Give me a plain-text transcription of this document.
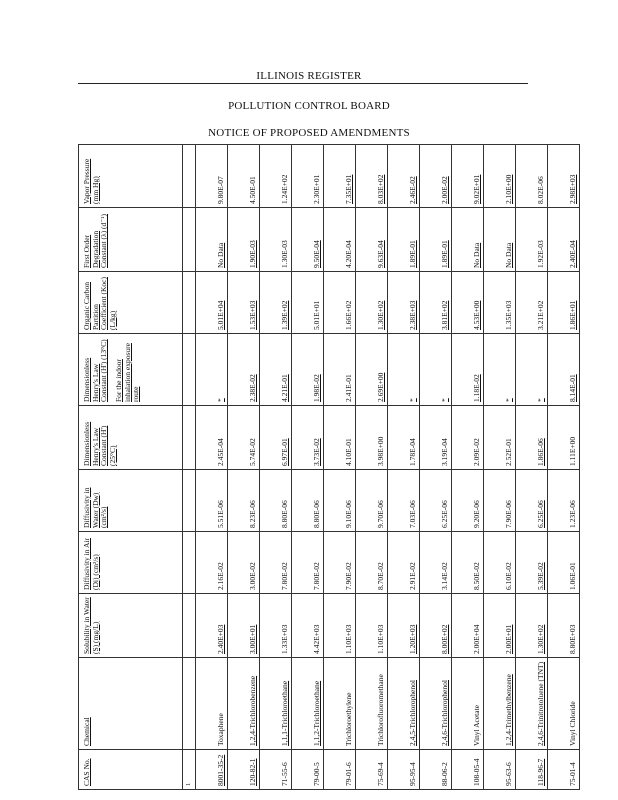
ILLINOIS REGISTER
POLLUTION CONTROL BOARD
NOTICE OF PROPOSED AMENDMENTS
CAS No.	Chemical	Solubility in Water (S) (mg/L)	Diffusivity in Air (Di) (cm²/s)	Diffusivity in Water (Dw) (cm²/s)	Dimensionless Henry's Law Constant (H') (25°C)	Dimensionless Henry's Law Constant (H') (13°C) For the indoor inhalation exposure route	Organic Carbon Partition Coefficient (Koc) (L/kg)	First Order Degradation Constant (λ) (d⁻¹)	Vapor Pressure (mm Hg)
1									
8001-35-2	Toxaphene	2.40E+03	2.16E-02	5.51E-06	2.45E-04	*	5.01E+04	No Data	9.80E-07
120-82-1	1,2,4-Trichlorobenzene	3.00E+01	3.00E-02	8.23E-06	5.74E-02	2.38E-02	1.53E+03	1.90E-03	4.50E-01
71-55-6	1,1,1-Trichloroethane	1.33E+03	7.80E-02	8.80E-06	6.97E-01	4.21E-01	1.39E+02	1.30E-03	1.24E+02
79-00-5	1,1,2-Trichloroethane	4.42E+03	7.80E-02	8.80E-06	3.73E-02	1.98E-02	5.01E+01	9.50E-04	2.30E+01
79-01-6	Trichloroethylene	1.10E+03	7.90E-02	9.10E-06	4.10E-01	2.41E-01	1.66E+02	4.20E-04	7.35E+01
75-69-4	Trichlorofluoromethane	1.10E+03	8.70E-02	9.70E-06	3.98E+00	2.69E+00	1.30E+02	9.63E-04	8.03E+02
95-95-4	2,4,5-Trichlorophenol	1.20E+03	2.91E-02	7.03E-06	1.78E-04	*	2.38E+03	1.89E-01	2.46E-02
88-06-2	2,4,6-Trichlorophenol	8.00E+02	3.14E-02	6.25E-06	3.19E-04	*	3.81E+02	1.89E-01	2.00E-02
108-05-4	Vinyl Acetate	2.00E+04	8.50E-02	9.20E-06	2.09E-02	1.18E-02	4.53E+00	No Data	9.02E+01
95-63-6	1,2,4-Trimethylbenzene	2.00E+01	6.10E-02	7.90E-06	2.52E-01	*	1.35E+03	No Data	2.10E+00
118-96-7	2,4,6-Trinitrotoluene (TNT)	1.30E+02	5.39E-02	6.25E-06	1.86E-06	*	3.21E+02	1.92E-03	8.02E-06
75-01-4	Vinyl Chloride	8.80E+03	1.06E-01	1.23E-06	1.11E+00	8.14E-01	1.86E+01	2.40E-04	2.98E+03
